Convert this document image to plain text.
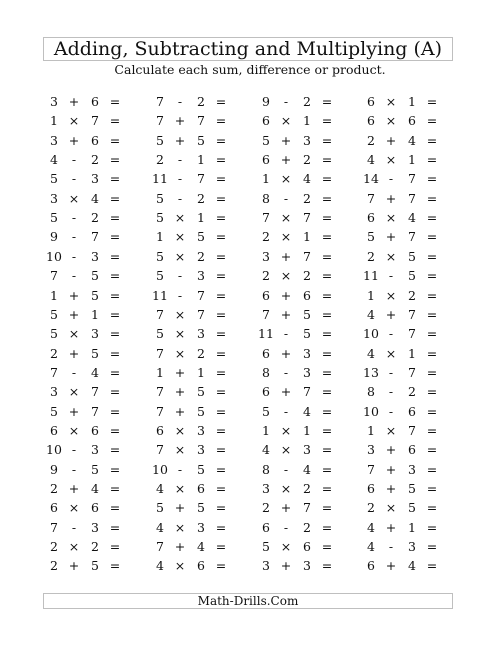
Adding, Subtracting and Multiplying (A)
Calculate each sum, difference or product.
3 + 6 =
1 × 7 =
3 + 6 =
4	-	2 =
5	-	3 =
3 × 4 =
5	-	2 =
9	-	7 =
10 -	3 =
7	-	5 =
1 + 5 =
5 + 1 =
5 × 3 =
2 + 5 =
7	-	4 =
3 × 7 =
5 + 7 =
6 × 6 =
10 -	3 =
9	-	5 =
2 + 4 =
6 × 6 =
7	-	3 =
2 × 2 =
2 + 5 =
7	-	2 =
7 + 7 =
5 + 5 =
2	-	1 =
11 -	7 =
5	-	2 =
5 × 1 =
1 × 5 =
5 × 2 =
5	-	3 =
11 -	7 =
7 × 7 =
5 × 3 =
7 × 2 =
1 + 1 =
7 + 5 =
7 + 5 =
6 × 3 =
7 × 3 =
10 -	5 =
4 × 6 =
5 + 5 =
4 × 3 =
7 + 4 =
4 × 6 =
9	-	2 =
6 × 1 =
5 + 3 =
6 + 2 =
1 × 4 =
8	-	2 =
7 × 7 =
2 × 1 =
3 + 7 =
2 × 2 =
6 + 6 =
7 + 5 =
11 -	5 =
6 + 3 =
8	-	3 =
6 + 7 =
5	-	4 =
1 × 1 =
4 × 3 =
8	-	4 =
3 × 2 =
2 + 7 =
6	-	2 =
5 × 6 =
3 + 3 =
6 × 1 =
6 × 6 =
2 + 4 =
4 × 1 =
14 -	7 =
7 + 7 =
6 × 4 =
5 + 7 =
2 × 5 =
11 -	5 =
1 × 2 =
4 + 7 =
10 -	7 =
4 × 1 =
13 -	7 =
8	-	2 =
10 -	6 =
1 × 7 =
3 + 6 =
7 + 3 =
6 + 5 =
2 × 5 =
4 + 1 =
4	-	3 =
6 + 4 =
Math-Drills.Com
